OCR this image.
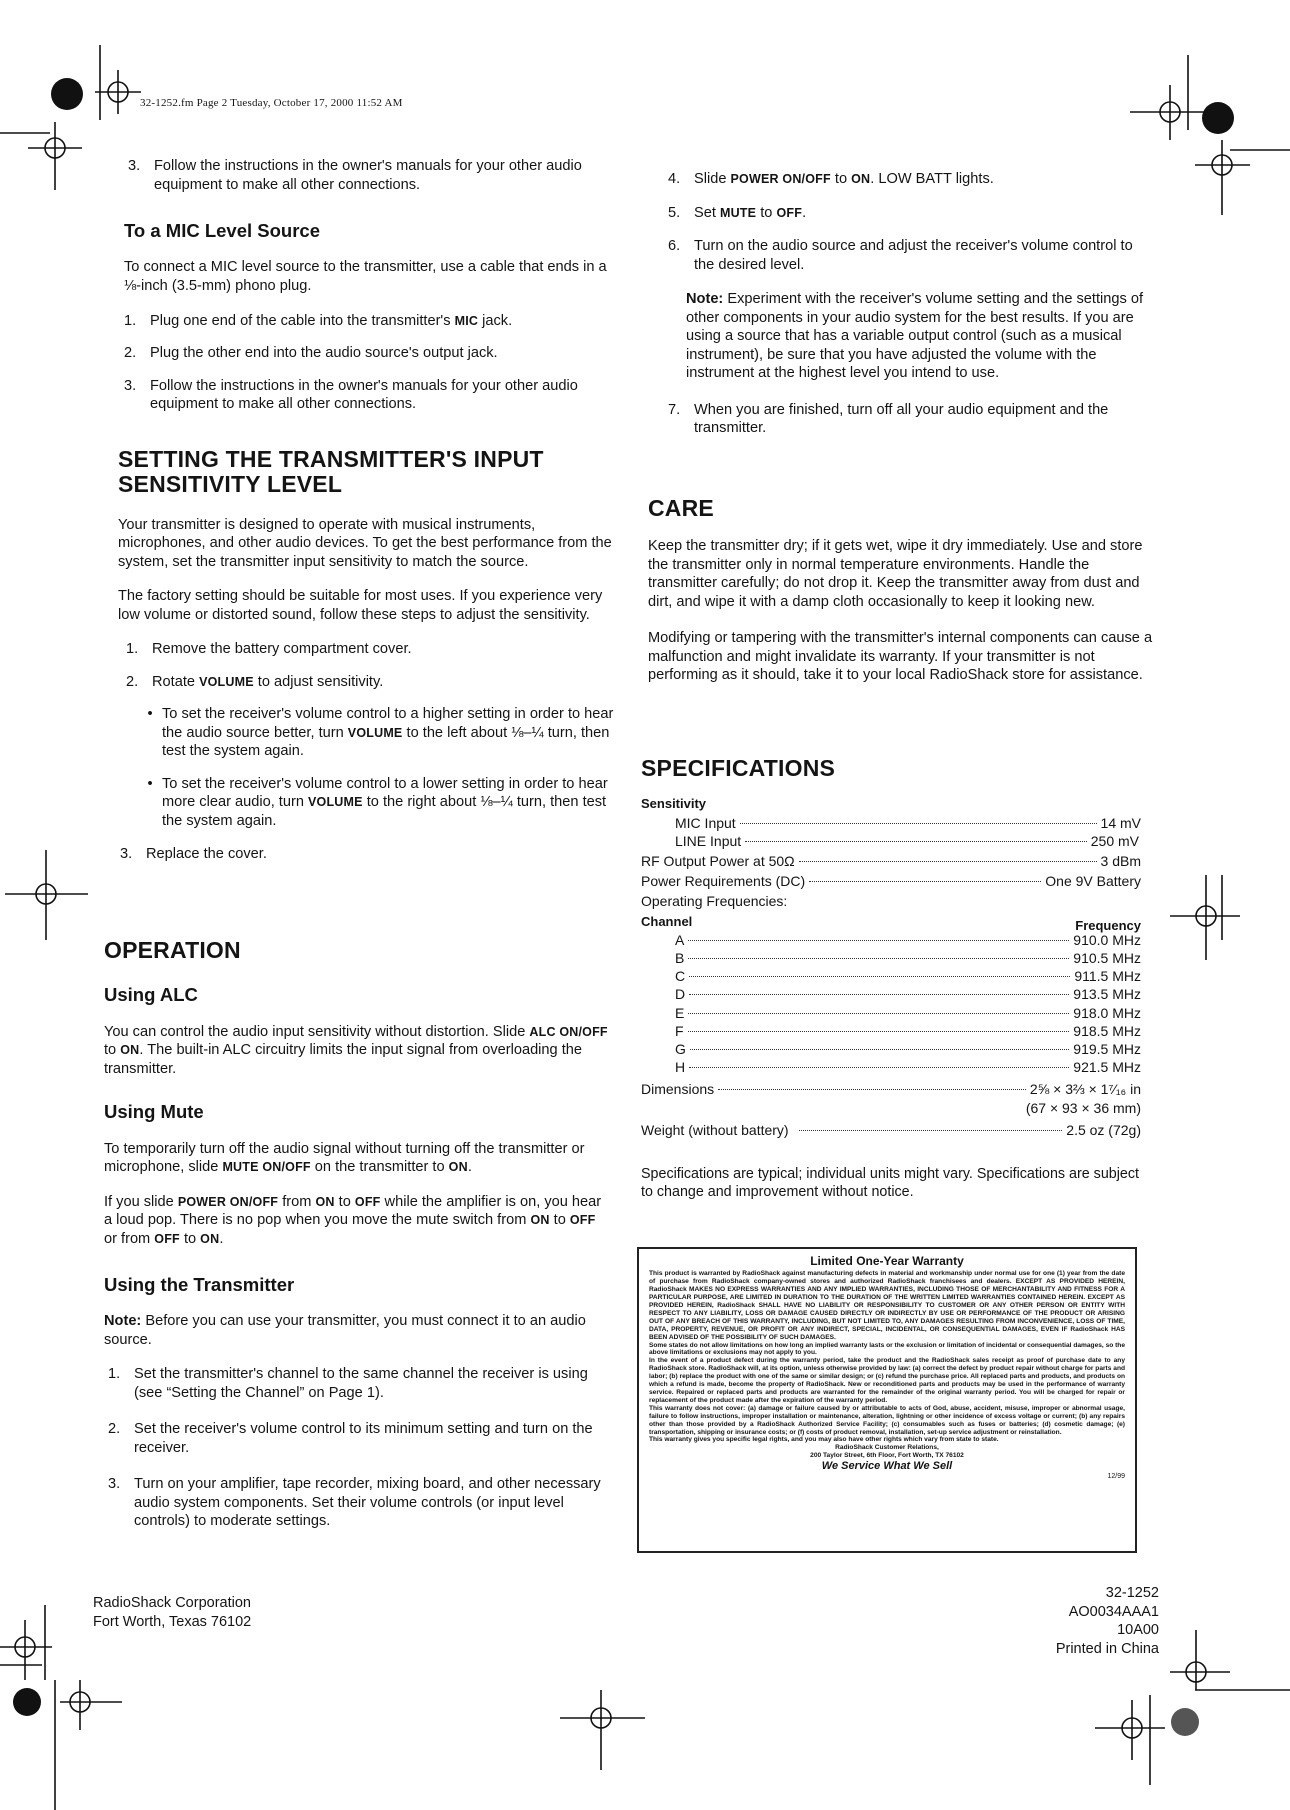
32-1252.fm Page 2 Tuesday, October 17, 2000 11:52 AM
3. Follow the instructions in the owner's manuals for your other audio equipment to make all other connections.
To a MIC Level Source

To connect a MIC level source to the transmitter, use a cable that ends in a ⅛-inch (3.5-mm) phono plug.

1. Plug one end of the cable into the transmitter's MIC jack.
2. Plug the other end into the audio source's output jack.
3. Follow the instructions in the owner's manuals for your other audio equipment to make all other connections.
SETTING THE TRANSMITTER'S INPUT SENSITIVITY LEVEL

Your transmitter is designed to operate with musical instruments, microphones, and other audio devices. To get the best performance from the system, set the transmitter input sensitivity to match the source.

The factory setting should be suitable for most uses. If you experience very low volume or distorted sound, follow these steps to adjust the sensitivity.

1. Remove the battery compartment cover.
2. Rotate VOLUME to adjust sensitivity.
• To set the receiver's volume control to a higher setting in order to hear the audio source better, turn VOLUME to the left about ⅛–¼ turn, then test the system again.
• To set the receiver's volume control to a lower setting in order to hear more clear audio, turn VOLUME to the right about ⅛–¼ turn, then test the system again.
3. Replace the cover.
OPERATION
Using ALC

You can control the audio input sensitivity without distortion. Slide ALC ON/OFF to ON. The built-in ALC circuitry limits the input signal from overloading the transmitter.

Using Mute

To temporarily turn off the audio signal without turning off the transmitter or microphone, slide MUTE ON/OFF on the transmitter to ON.

If you slide POWER ON/OFF from ON to OFF while the amplifier is on, you hear a loud pop. There is no pop when you move the mute switch from ON to OFF or from OFF to ON.

Using the Transmitter

Note: Before you can use your transmitter, you must connect it to an audio source.

1. Set the transmitter's channel to the same channel the receiver is using (see “Setting the Channel” on Page 1).
2. Set the receiver's volume control to its minimum setting and turn on the receiver.
3. Turn on your amplifier, tape recorder, mixing board, and other necessary audio system components. Set their volume controls (or input level controls) to moderate settings.
4. Slide POWER ON/OFF to ON. LOW BATT lights.
5. Set MUTE to OFF.
6. Turn on the audio source and adjust the receiver's volume control to the desired level.
Note: Experiment with the receiver's volume setting and the settings of other components in your audio system for the best results. If you are using a source that has a variable output control (such as a musical instrument), be sure that you have adjusted the volume with the instrument at the highest level you intend to use.
7. When you are finished, turn off all your audio equipment and the transmitter.
CARE

Keep the transmitter dry; if it gets wet, wipe it dry immediately. Use and store the transmitter only in normal temperature environments. Handle the transmitter carefully; do not drop it. Keep the transmitter away from dust and dirt, and wipe it with a damp cloth occasionally to keep it looking new.

Modifying or tampering with the transmitter's internal components can cause a malfunction and might invalidate its warranty. If your transmitter is not performing as it should, take it to your local RadioShack store for assistance.

SPECIFICATIONS
Sensitivity
MIC Input	14 mV
LINE Input	250 mV
RF Output Power at 50Ω	3 dBm
Power Requirements (DC)	One 9V Battery
Operating Frequencies:
Channel	Frequency
A	910.0 MHz
B	910.5 MHz
C	911.5 MHz
D	913.5 MHz
E	918.0 MHz
F	918.5 MHz
G	919.5 MHz
H	921.5 MHz
Dimensions	2⅝ × 3⅔ × 1⁷⁄₁₆ in
(67 × 93 × 36 mm)
Weight (without battery)	2.5 oz (72g)

Specifications are typical; individual units might vary. Specifications are subject to change and improvement without notice.

Limited One-Year Warranty
This product is warranted by RadioShack against manufacturing defects in material and workmanship under normal use for one (1) year from the date of purchase from RadioShack company-owned stores and authorized RadioShack franchisees and dealers. EXCEPT AS PROVIDED HEREIN, RadioShack MAKES NO EXPRESS WARRANTIES AND ANY IMPLIED WARRANTIES, INCLUDING THOSE OF MERCHANTABILITY AND FITNESS FOR A PARTICULAR PURPOSE, ARE LIMITED IN DURATION TO THE DURATION OF THE WRITTEN LIMITED WARRANTIES CONTAINED HEREIN. EXCEPT AS PROVIDED HEREIN, RadioShack SHALL HAVE NO LIABILITY OR RESPONSIBILITY TO CUSTOMER OR ANY OTHER PERSON OR ENTITY WITH RESPECT TO ANY LIABILITY, LOSS OR DAMAGE CAUSED DIRECTLY OR INDIRECTLY BY USE OR PERFORMANCE OF THE PRODUCT OR ARISING OUT OF ANY BREACH OF THIS WARRANTY, INCLUDING, BUT NOT LIMITED TO, ANY DAMAGES RESULTING FROM INCONVENIENCE, LOSS OF TIME, DATA, PROPERTY, REVENUE, OR PROFIT OR ANY INDIRECT, SPECIAL, INCIDENTAL, OR CONSEQUENTIAL DAMAGES, EVEN IF RadioShack HAS BEEN ADVISED OF THE POSSIBILITY OF SUCH DAMAGES.
Some states do not allow limitations on how long an implied warranty lasts or the exclusion or limitation of incidental or consequential damages, so the above limitations or exclusions may not apply to you.
In the event of a product defect during the warranty period, take the product and the RadioShack sales receipt as proof of purchase date to any RadioShack store. RadioShack will, at its option, unless otherwise provided by law: (a) correct the defect by product repair without charge for parts and labor; (b) replace the product with one of the same or similar design; or (c) refund the purchase price. All replaced parts and products, and products on which a refund is made, become the property of RadioShack. New or reconditioned parts and products may be used in the performance of warranty service. Repaired or replaced parts and products are warranted for the remainder of the original warranty period. You will be charged for repair or replacement of the product made after the expiration of the warranty period.
This warranty does not cover: (a) damage or failure caused by or attributable to acts of God, abuse, accident, misuse, improper or abnormal usage, failure to follow instructions, improper installation or maintenance, alteration, lightning or other incidence of excess voltage or current; (b) any repairs other than those provided by a RadioShack Authorized Service Facility; (c) consumables such as fuses or batteries; (d) cosmetic damage; (e) transportation, shipping or insurance costs; or (f) costs of product removal, installation, set-up service adjustment or reinstallation.
This warranty gives you specific legal rights, and you may also have other rights which vary from state to state.
RadioShack Customer Relations,
200 Taylor Street, 6th Floor, Fort Worth, TX 76102
We Service What We Sell
12/99
RadioShack Corporation
Fort Worth, Texas 76102
32-1252
AO0034AAA1
10A00
Printed in China
